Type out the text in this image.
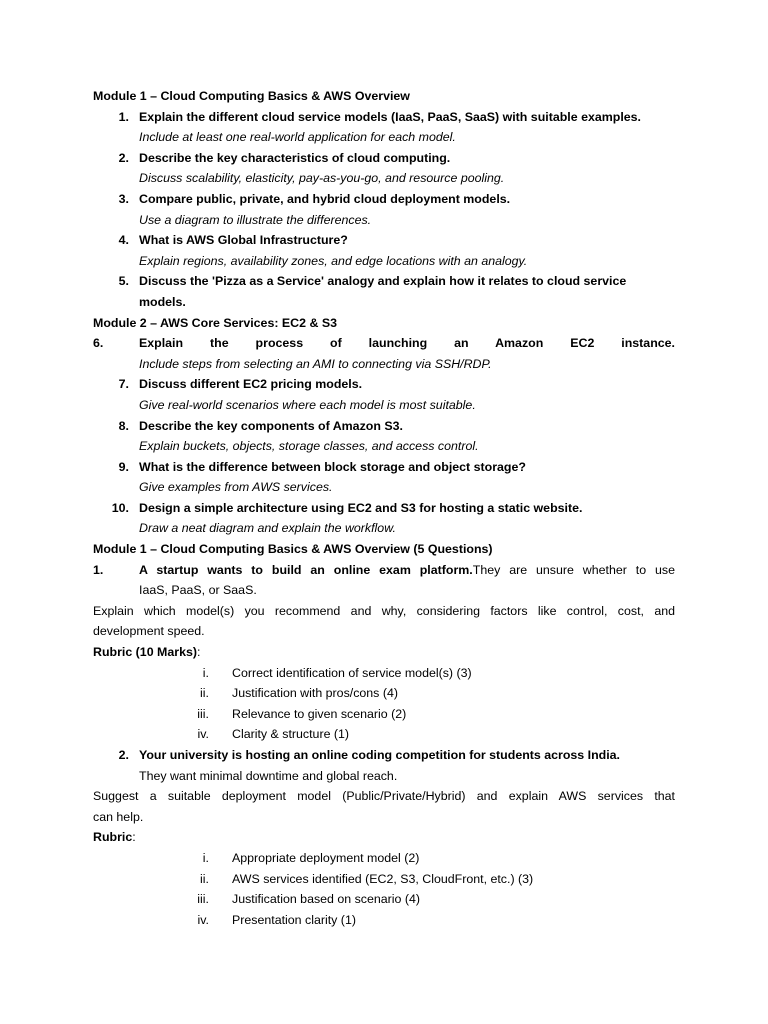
Module 1 – Cloud Computing Basics & AWS Overview
1. Explain the different cloud service models (IaaS, PaaS, SaaS) with suitable examples.
Include at least one real-world application for each model.
2. Describe the key characteristics of cloud computing.
Discuss scalability, elasticity, pay-as-you-go, and resource pooling.
3. Compare public, private, and hybrid cloud deployment models.
Use a diagram to illustrate the differences.
4. What is AWS Global Infrastructure?
Explain regions, availability zones, and edge locations with an analogy.
5. Discuss the 'Pizza as a Service' analogy and explain how it relates to cloud service
models.
Module 2 – AWS Core Services: EC2 & S3
6.	Explain the process of launching an Amazon EC2 instance.
Include steps from selecting an AMI to connecting via SSH/RDP.
7. Discuss different EC2 pricing models.
Give real-world scenarios where each model is most suitable.
8. Describe the key components of Amazon S3.
Explain buckets, objects, storage classes, and access control.
9. What is the difference between block storage and object storage?
Give examples from AWS services.
10. Design a simple architecture using EC2 and S3 for hosting a static website.
Draw a neat diagram and explain the workflow.
Module 1 – Cloud Computing Basics & AWS Overview (5 Questions)
1.	A startup wants to build an online exam platform.They are unsure whether to use
IaaS, PaaS, or SaaS.
Explain which model(s) you recommend and why, considering factors like control, cost, and
development speed.
Rubric (10 Marks):
i. Correct identification of service model(s) (3)
ii. Justification with pros/cons (4)
iii. Relevance to given scenario (2)
iv. Clarity & structure (1)
2. Your university is hosting an online coding competition for students across India.
They want minimal downtime and global reach.
Suggest a suitable deployment model (Public/Private/Hybrid) and explain AWS services that
can help.
Rubric:
i. Appropriate deployment model (2)
ii. AWS services identified (EC2, S3, CloudFront, etc.) (3)
iii. Justification based on scenario (4)
iv. Presentation clarity (1)
